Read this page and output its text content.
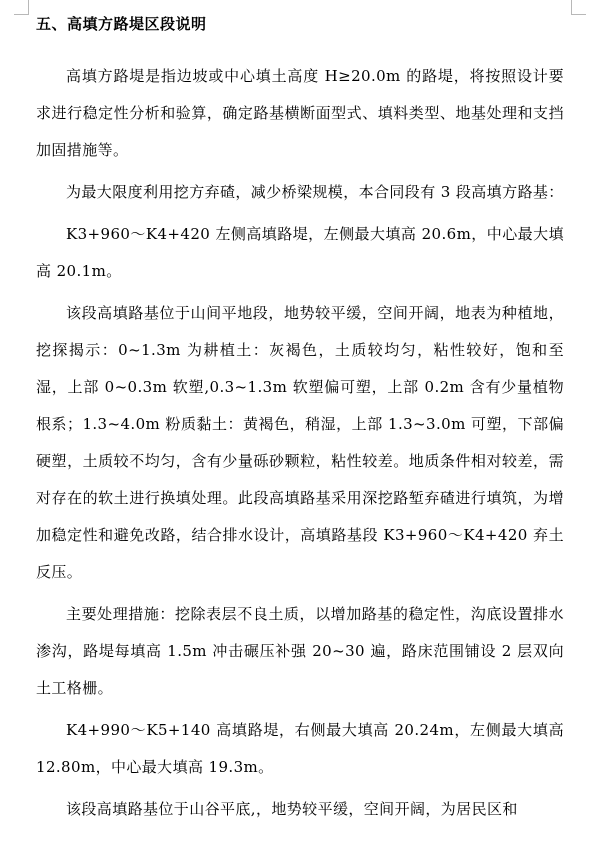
五、高填方路堤区段说明

高填方路堤是指边坡或中心填土高度 H≥20.0m 的路堤，将按照设计要求进行稳定性分析和验算，确定路基横断面型式、填料类型、地基处理和支挡加固措施等。

为最大限度利用挖方弃碴，减少桥梁规模，本合同段有 3 段高填方路基：

K3+960～K4+420 左侧高填路堤，左侧最大填高 20.6m，中心最大填高 20.1m。

该段高填路基位于山间平地段，地势较平缓，空间开阔，地表为种植地，挖探揭示：0~1.3m 为耕植土：灰褐色，土质较均匀，粘性较好，饱和至湿，上部 0~0.3m 软塑,0.3~1.3m 软塑偏可塑，上部 0.2m 含有少量植物根系；1.3~4.0m 粉质黏土：黄褐色，稍湿，上部 1.3~3.0m 可塑，下部偏硬塑，土质较不均匀，含有少量砾砂颗粒，粘性较差。地质条件相对较差，需对存在的软土进行换填处理。此段高填路基采用深挖路堑弃碴进行填筑，为增加稳定性和避免改路，结合排水设计，高填路基段 K3+960～K4+420 弃土反压。

主要处理措施：挖除表层不良土质，以增加路基的稳定性，沟底设置排水渗沟，路堤每填高 1.5m 冲击碾压补强 20~30 遍，路床范围铺设 2 层双向土工格栅。

K4+990～K5+140 高填路堤，右侧最大填高 20.24m，左侧最大填高 12.80m，中心最大填高 19.3m。

该段高填路基位于山谷平底,，地势较平缓，空间开阔，为居民区和
